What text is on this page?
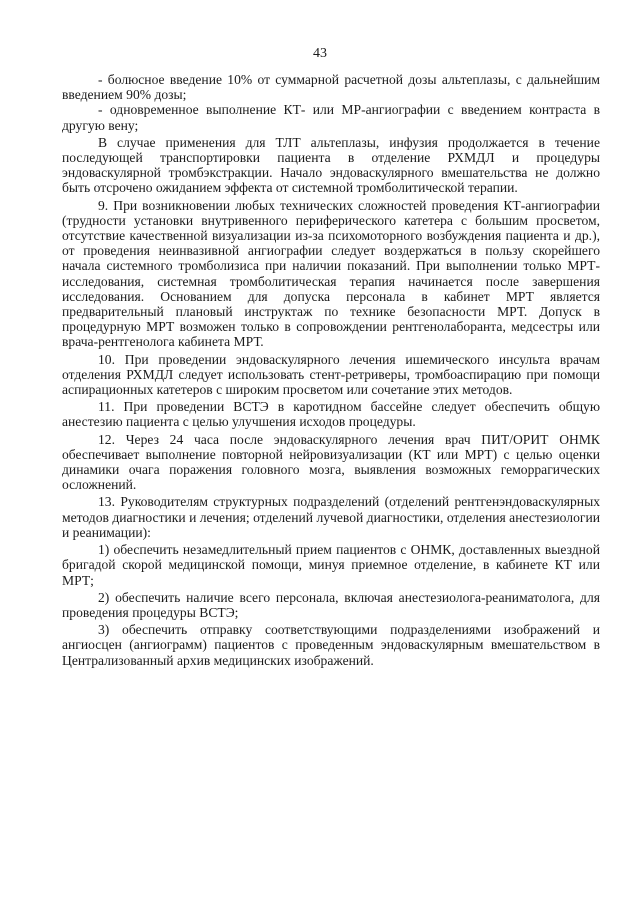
43

- болюсное введение 10% от суммарной расчетной дозы альтеплазы, с дальнейшим введением 90% дозы;

- одновременное выполнение КТ- или МР-ангиографии с введением контраста в другую вену;

В случае применения для ТЛТ альтеплазы, инфузия продолжается в течение последующей транспортировки пациента в отделение РХМДЛ и процедуры эндоваскулярной тромбэкстракции. Начало эндоваскулярного вмешательства не должно быть отсрочено ожиданием эффекта от системной тромболитической терапии.

9. При возникновении любых технических сложностей проведения КТ-ангиографии (трудности установки внутривенного периферического катетера с большим просветом, отсутствие качественной визуализации из-за психомоторного возбуждения пациента и др.), от проведения неинвазивной ангиографии следует воздержаться в пользу скорейшего начала системного тромболизиса при наличии показаний. При выполнении только МРТ-исследования, системная тромболитическая терапия начинается после завершения исследования. Основанием для допуска персонала в кабинет МРТ является предварительный плановый инструктаж по технике безопасности МРТ. Допуск в процедурную МРТ возможен только в сопровождении рентгенолаборанта, медсестры или врача-рентгенолога кабинета МРТ.

10. При проведении эндоваскулярного лечения ишемического инсульта врачам отделения РХМДЛ следует использовать стент-ретриверы, тромбоаспирацию при помощи аспирационных катетеров с широким просветом или сочетание этих методов.

11. При проведении ВСТЭ в каротидном бассейне следует обеспечить общую анестезию пациента с целью улучшения исходов процедуры.

12. Через 24 часа после эндоваскулярного лечения врач ПИТ/ОРИТ ОНМК обеспечивает выполнение повторной нейровизуализации (КТ или МРТ) с целью оценки динамики очага поражения головного мозга, выявления возможных геморрагических осложнений.

13. Руководителям структурных подразделений (отделений рентгенэндоваскулярных методов диагностики и лечения; отделений лучевой диагностики, отделения анестезиологии и реанимации):

1) обеспечить незамедлительный прием пациентов с ОНМК, доставленных выездной бригадой скорой медицинской помощи, минуя приемное отделение, в кабинете КТ или МРТ;

2) обеспечить наличие всего персонала, включая анестезиолога-реаниматолога, для проведения процедуры ВСТЭ;

3) обеспечить отправку соответствующими подразделениями изображений и ангиосцен (ангиограмм) пациентов с проведенным эндоваскулярным вмешательством в Централизованный архив медицинских изображений.
